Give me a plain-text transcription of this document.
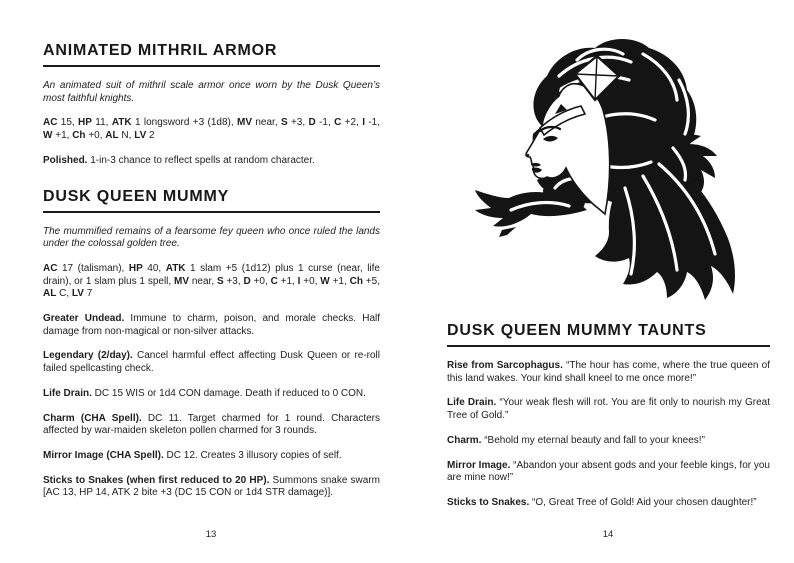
ANIMATED MITHRIL ARMOR

An animated suit of mithril scale armor once worn by the Dusk Queen’s most faithful knights.

AC 15, HP 11, ATK 1 longsword +3 (1d8), MV near, S +3, D -1, C +2, I -1, W +1, Ch +0, AL N, LV 2

Polished. 1-in-3 chance to reflect spells at random character.

DUSK QUEEN MUMMY

The mummified remains of a fearsome fey queen who once ruled the lands under the colossal golden tree.

AC 17 (talisman), HP 40, ATK 1 slam +5 (1d12) plus 1 curse (near, life drain), or 1 slam plus 1 spell, MV near, S +3, D +0, C +1, I +0, W +1, Ch +5, AL C, LV 7

Greater Undead. Immune to charm, poison, and morale checks. Half damage from non-magical or non-silver attacks.

Legendary (2/day). Cancel harmful effect affecting Dusk Queen or re-roll failed spellcasting check.

Life Drain. DC 15 WIS or 1d4 CON damage. Death if reduced to 0 CON.

Charm (CHA Spell). DC 11. Target charmed for 1 round. Characters affected by war-maiden skeleton pollen charmed for 3 rounds.

Mirror Image (CHA Spell). DC 12. Creates 3 illusory copies of self.

Sticks to Snakes (when first reduced to 20 HP). Summons snake swarm [AC 13, HP 14, ATK 2 bite +3 (DC 15 CON or 1d4 STR damage)].

DUSK QUEEN MUMMY TAUNTS

Rise from Sarcophagus. “The hour has come, where the true queen of this land wakes. Your kind shall kneel to me once more!”

Life Drain. “Your weak flesh will rot. You are fit only to nourish my Great Tree of Gold.”

Charm. “Behold my eternal beauty and fall to your knees!”

Mirror Image. “Abandon your absent gods and your feeble kings, for you are mine now!”

Sticks to Snakes. “O, Great Tree of Gold! Aid your chosen daughter!”

13	14
